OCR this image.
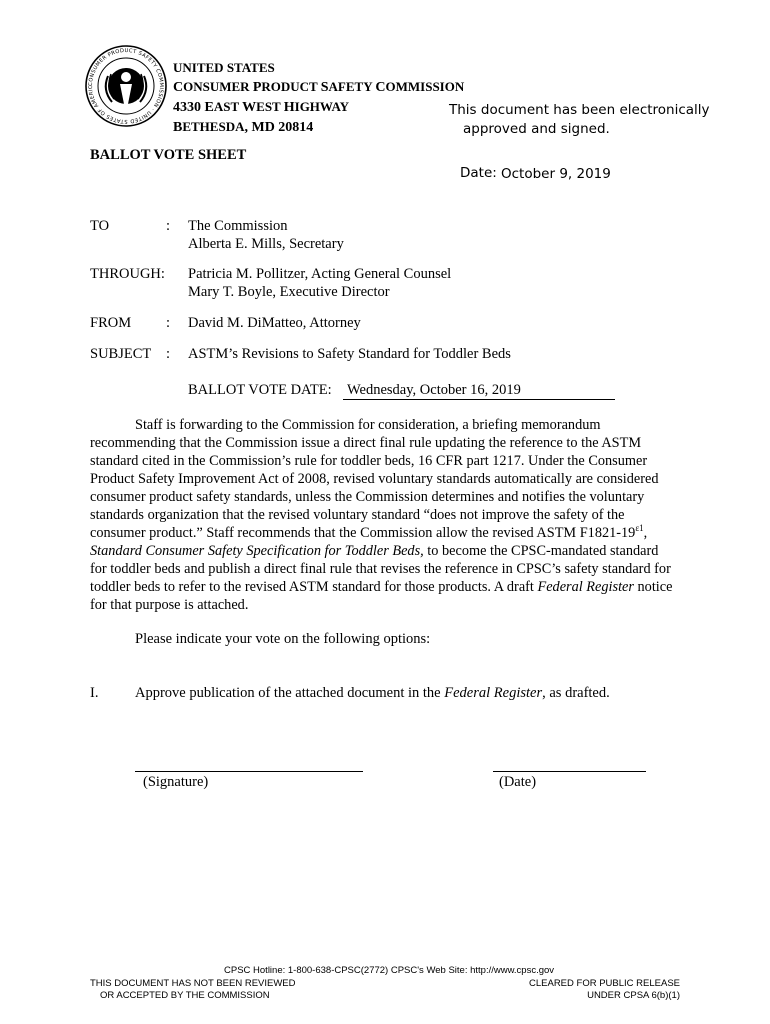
CONSUMER PRODUCT SAFETY COMMISSION · UNITED STATES OF AMERIC
UNITED STATES
CONSUMER PRODUCT SAFETY COMMISSION
4330 EAST WEST HIGHWAY
BETHESDA, MD 20814
This document has been electronically
approved and signed.
Date: October 9, 2019
BALLOT VOTE SHEET
TO	: The Commission
Alberta E. Mills, Secretary
THROUGH: Patricia M. Pollitzer, Acting General Counsel
Mary T. Boyle, Executive Director
FROM : David M. DiMatteo, Attorney
SUBJECT : ASTM’s Revisions to Safety Standard for Toddler Beds
BALLOT VOTE DATE: Wednesday, October 16, 2019

Staff is forwarding to the Commission for consideration, a briefing memorandum recommending that the Commission issue a direct final rule updating the reference to the ASTM standard cited in the Commission’s rule for toddler beds, 16 CFR part 1217. Under the Consumer Product Safety Improvement Act of 2008, revised voluntary standards automatically are considered consumer product safety standards, unless the Commission determines and notifies the voluntary standards organization that the revised voluntary standard “does not improve the safety of the consumer product.” Staff recommends that the Commission allow the revised ASTM $F1821-19^{\varepsilon 1}$, Standard Consumer Safety Specification for Toddler Beds, to become the CPSC-mandated standard for toddler beds and publish a direct final rule that revises the reference in CPSC’s safety standard for toddler beds to refer to the revised ASTM standard for those products. A draft Federal Register notice for that purpose is attached.

Please indicate your vote on the following options:
I.	Approve publication of the attached document in the Federal Register, as drafted.
(Signature)	(Date)
CPSC Hotline: 1-800-638-CPSC(2772) CPSC's Web Site: http://www.cpsc.gov
THIS DOCUMENT HAS NOT BEEN REVIEWED
OR ACCEPTED BY THE COMMISSION
CLEARED FOR PUBLIC RELEASE
UNDER CPSA 6(b)(1)
